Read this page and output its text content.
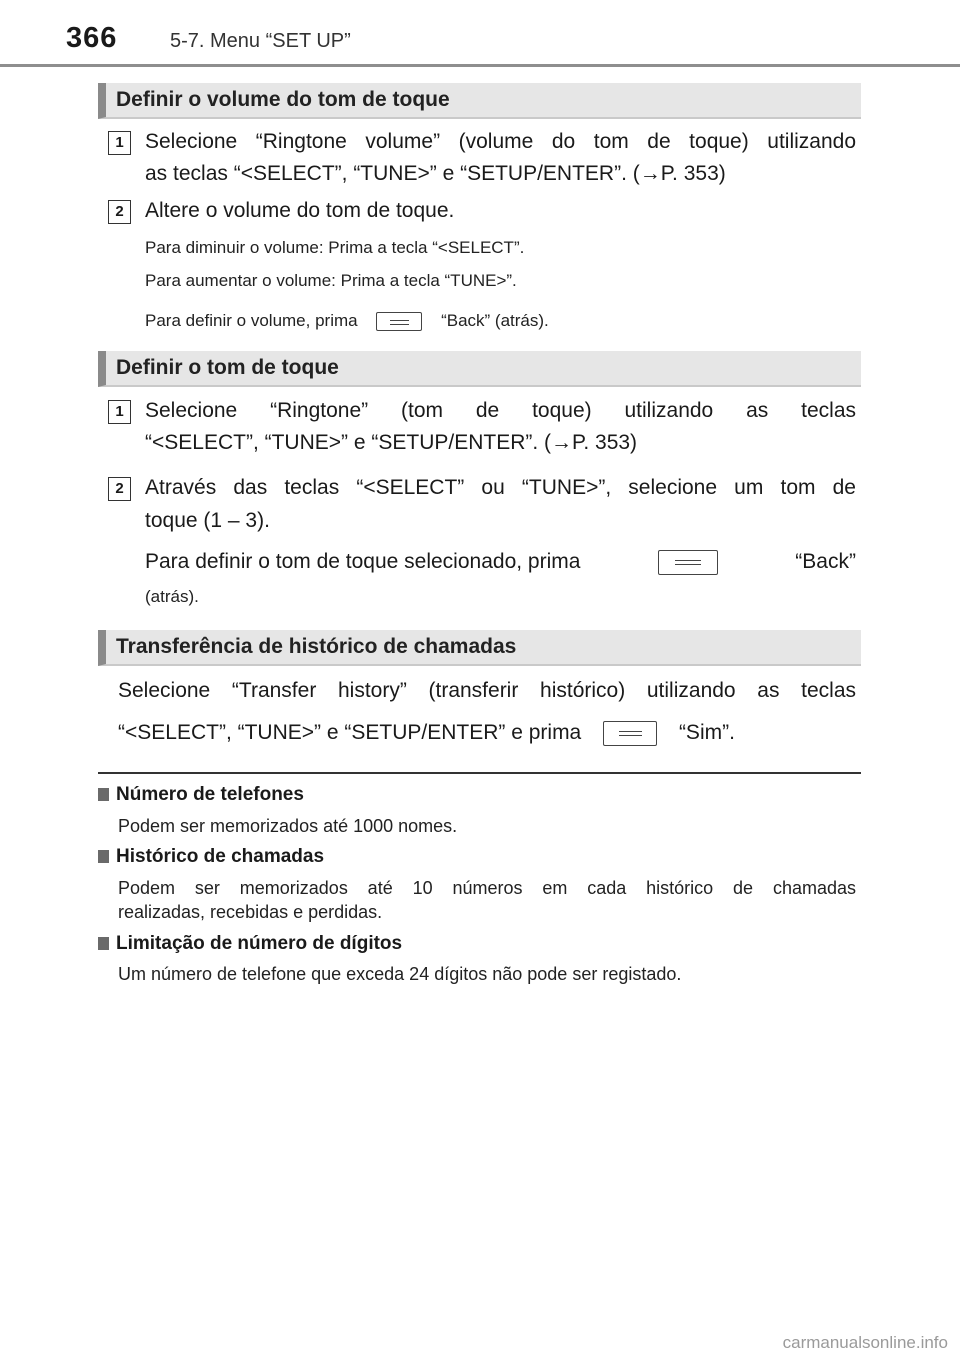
366	5-7. Menu “SET UP”
Definir o volume do tom de toque
1	Selecione “Ringtone volume” (volume do tom de toque) utilizando
as teclas “<SELECT”, “TUNE>” e “SETUP/ENTER”. (→P. 353)
2	Altere o volume do tom de toque.
Para diminuir o volume: Prima a tecla “<SELECT”.
Para aumentar o volume: Prima a tecla “TUNE>”.
Para definir o volume, prima	“Back” (atrás).
Definir o tom de toque
1	Selecione “Ringtone” (tom de toque) utilizando as teclas
“<SELECT”, “TUNE>” e “SETUP/ENTER”. (→P. 353)
2	Através das teclas “<SELECT” ou “TUNE>”, selecione um tom de
toque (1 – 3).
Para definir o tom de toque selecionado, prima	“Back”
(atrás).
Transferência de histórico de chamadas
Selecione “Transfer history” (transferir histórico) utilizando as teclas
“<SELECT”, “TUNE>” e “SETUP/ENTER” e prima	“Sim”.
Número de telefones
Podem ser memorizados até 1000 nomes.
Histórico de chamadas
Podem ser memorizados até 10 números em cada histórico de chamadas
realizadas, recebidas e perdidas.
Limitação de número de dígitos
Um número de telefone que exceda 24 dígitos não pode ser registado.
carmanualsonline.info
